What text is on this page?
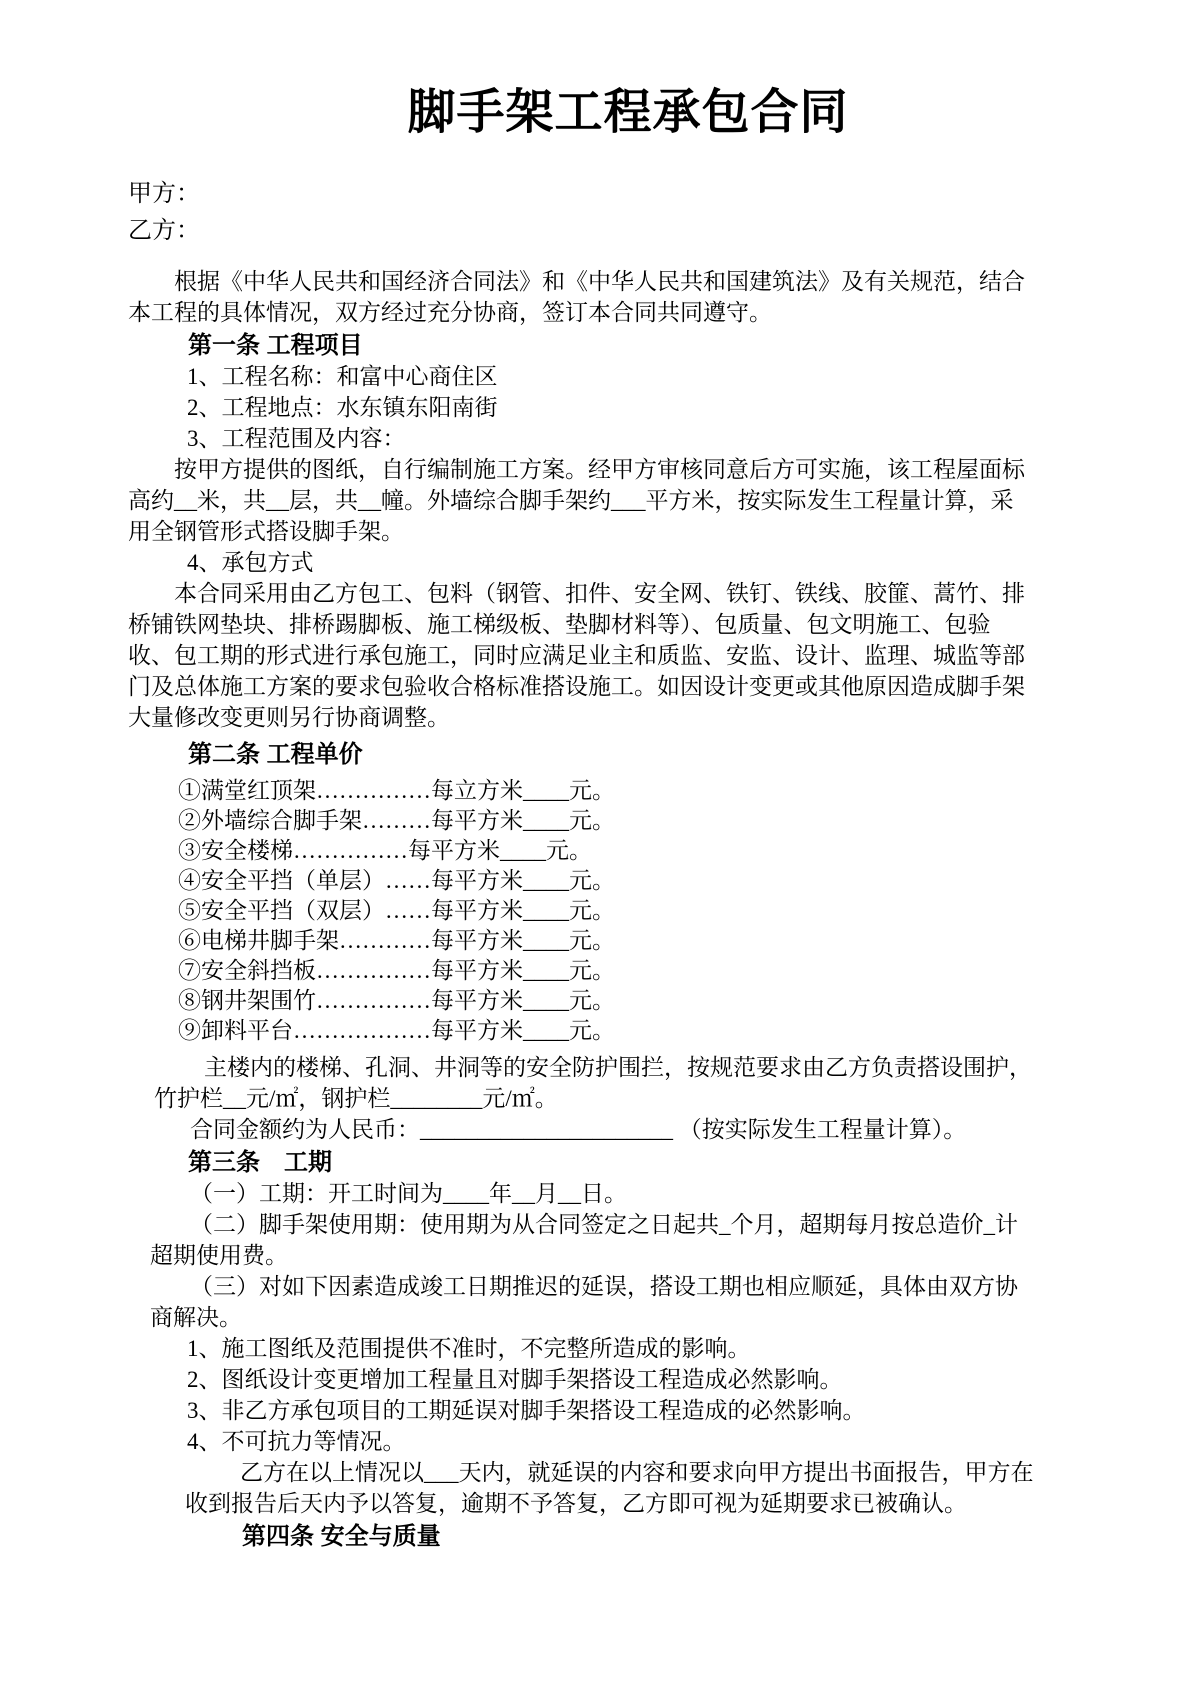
脚手架工程承包合同

甲方：

乙方：

根据《中华人民共和国经济合同法》和《中华人民共和国建筑法》及有关规范，结合本工程的具体情况，双方经过充分协商，签订本合同共同遵守。

第一条 工程项目

1、工程名称：和富中心商住区

2、工程地点：水东镇东阳南街

3、工程范围及内容：

按甲方提供的图纸，自行编制施工方案。经甲方审核同意后方可实施，该工程屋面标高约__米，共__层，共__幢。外墙综合脚手架约___平方米，按实际发生工程量计算，采用全钢管形式搭设脚手架。

4、承包方式

本合同采用由乙方包工、包料（钢管、扣件、安全网、铁钉、铁线、胶篚、蒿竹、排桥铺铁网垫块、排桥踢脚板、施工梯级板、垫脚材料等）、包质量、包文明施工、包验收、包工期的形式进行承包施工，同时应满足业主和质监、安监、设计、监理、城监等部门及总体施工方案的要求包验收合格标准搭设施工。如因设计变更或其他原因造成脚手架大量修改变更则另行协商调整。

第二条 工程单价

①满堂红顶架……………每立方米____元。

②外墙综合脚手架………每平方米____元。

③安全楼梯……………每平方米____元。

④安全平挡（单层）……每平方米____元。

⑤安全平挡（双层）……每平方米____元。

⑥电梯井脚手架…………每平方米____元。

⑦安全斜挡板……………每平方米____元。

⑧钢井架围竹……………每平方米____元。

⑨卸料平台………………每平方米____元。

主楼内的楼梯、孔洞、井洞等的安全防护围拦，按规范要求由乙方负责搭设围护，竹护栏__元/㎡，钢护栏________元/㎡。

合同金额约为人民币：______________________ （按实际发生工程量计算）。

第三条　工期

（一）工期：开工时间为____年__月__日。

（二）脚手架使用期：使用期为从合同签定之日起共_个月，超期每月按总造价_计超期使用费。

（三）对如下因素造成竣工日期推迟的延误，搭设工期也相应顺延，具体由双方协商解决。

1、施工图纸及范围提供不准时，不完整所造成的影响。

2、图纸设计变更增加工程量且对脚手架搭设工程造成必然影响。

3、非乙方承包项目的工期延误对脚手架搭设工程造成的必然影响。

4、不可抗力等情况。

乙方在以上情况以___天内，就延误的内容和要求向甲方提出书面报告，甲方在收到报告后天内予以答复，逾期不予答复，乙方即可视为延期要求已被确认。

第四条 安全与质量
